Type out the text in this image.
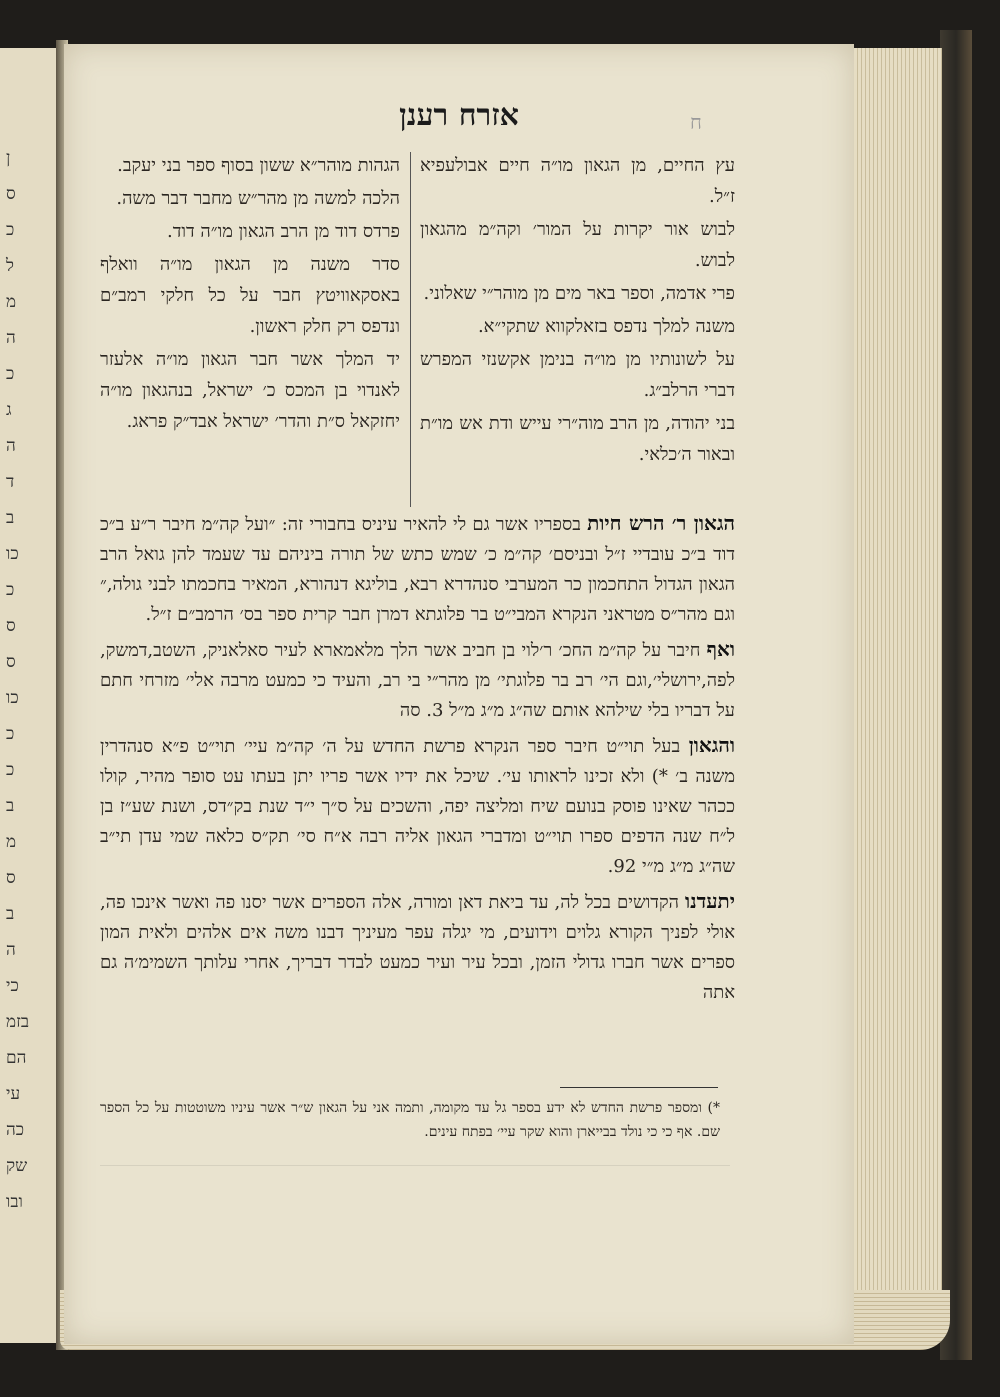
ן
ס
כ
ל
מ
ה
כ
ג
ה
ד
ב
כו
כ
ס
ס
כו
כ
כ
ב
מ
ס
ב
ה
כי
בזמ
הם
עי
כה
שק
ובו
אזרח רענן	ח
עץ החיים, מן הגאון מו״ה חיים אבולעפיא ז״ל.
לבוש אור יקרות על המור׳ וקה״מ מהגאון לבוש.
פרי אדמה, וספר באר מים מן מוהר״י שאלוני.
משנה למלך נדפס בזאלקווא שתקי״א.
על לשונותיו מן מו״ה בנימן אקשנזי המפרש דברי הרלב״ג.
בני יהודה, מן הרב מוה״רי עייש ודת אש מו״ת ובאור ה׳כלאי.
הגהות מוהר״א ששון בסוף ספר בני יעקב.
הלכה למשה מן מהר״ש מחבר דבר משה.
פרדס דוד מן הרב הגאון מו״ה דוד.
סדר משנה מן הגאון מו״ה וואלף באסקאוויטץ חבר על כל חלקי רמב״ם ונדפס רק חלק ראשון.
יד המלך אשר חבר הגאון מו״ה אלעזר לאנדוי בן המכס כ׳ ישראל, בנהגאון מו״ה יחזקאל ס״ת והדר׳ ישראל אבד״ק פראג.

הגאון ר׳ הרש חיות בספריו אשר גם לי להאיר עיניס בחבורי זה: ״ועל קה״מ חיבר ר״ע ב״כ דוד ב״כ עובדיי ז״ל ובניסם׳ קה״מ כ׳ שמש כתש של תורה ביניהם עד שעמד להן גואל הרב הגאון הגדול התחכמון כר המערבי סנהדרא רבא, בוליגא דנהורא, המאיר בחכמתו לבני גולה,״ וגם מהר״ס מטראני הנקרא המבי״ט בר פלוגתא דמרן חבר קרית ספר בס׳ הרמב״ם ז״ל.

ואף חיבר על קה״מ החכ׳ ר׳לוי בן חביב אשר הלך מלאמארא לעיר סאלאניק, השטב,דמשק, לפה,ירושלי׳,וגם הי׳ רב בר פלוגתי׳ מן מהר״י בי רב, והעיד כי כמעט מרבה אלי׳ מזרחי חתם על דבריו בלי שילהא אותם שה״ג מ״ג מ״ל 3. סה

והגאון בעל תוי״ט חיבר ספר הנקרא פרשת החדש על ה׳ קה״מ עיי׳ תוי״ט פ״א סנהדרין משנה ב׳ *) ולא זכינו לראותו עי׳. שיכל את ידיו אשר פריו יתן בעתו עט סופר מהיר, קולו ככהר שאינו פוסק בנועם שיח ומליצה יפה, והשכים על ס״ך י״ד שנת בק״דס, ושנת שע״ז בן ל״ח שנה הדפים ספרו תוי״ט ומדברי הגאון אליה רבה א״ח סי׳ תק״ס כלאה שמי עדן תי״ב שה״ג מ״ג מ״י 92.

יתעדנו הקדושים בכל לה, עד ביאת דאן ומורה, אלה הספרים אשר יסנו פה ואשר אינכו פה, אולי לפניך הקורא גלוים וידועים, מי יגלה עפר מעיניך דבנו משה אים אלהים ולאית המון ספרים אשר חברו גדולי הזמן, ובכל עיר ועיר כמעט לבדר דבריך, אחרי עלותך השמימ׳ה גם אתה

*) ומספר פרשת החדש לא ידע בספר גל עד מקומה, ותמה אני על הגאון ש״ר אשר עיניו משוטטות על כל הספר שם. אף כי כי נולד בבייארן והוא שקר עיי׳ בפתח עינים.
